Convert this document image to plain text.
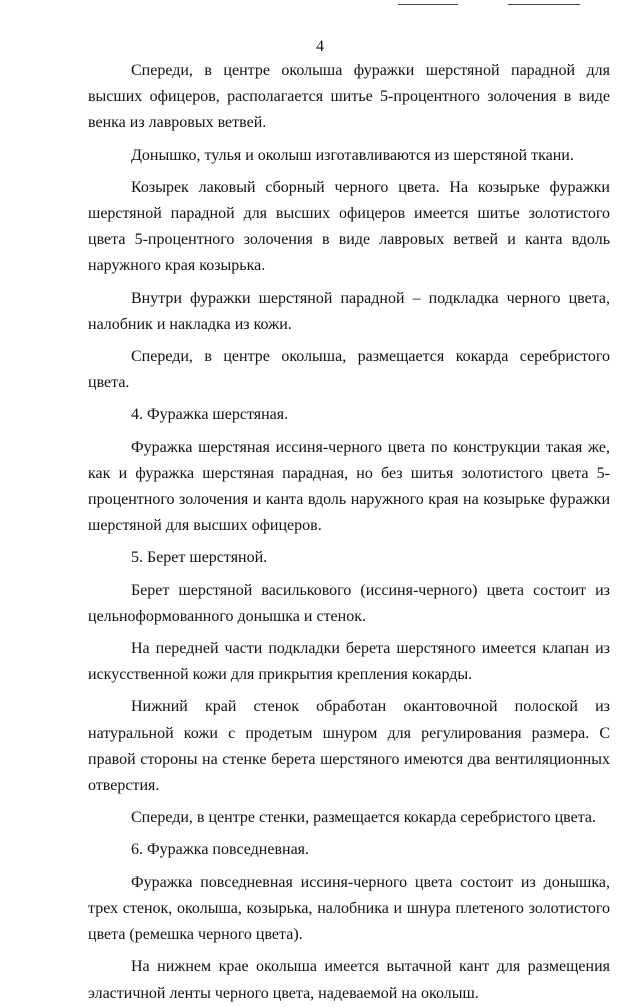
4

Спереди, в центре околыша фуражки шерстяной парадной для высших офицеров, располагается шитье 5-процентного золочения в виде венка из лавровых ветвей.

Донышко, тулья и околыш изготавливаются из шерстяной ткани.

Козырек лаковый сборный черного цвета. На козырьке фуражки шерстяной парадной для высших офицеров имеется шитье золотистого цвета 5-процентного золочения в виде лавровых ветвей и канта вдоль наружного края козырька.

Внутри фуражки шерстяной парадной – подкладка черного цвета, налобник и накладка из кожи.

Спереди, в центре околыша, размещается кокарда серебристого цвета.

4. Фуражка шерстяная.

Фуражка шерстяная иссиня-черного цвета по конструкции такая же, как и фуражка шерстяная парадная, но без шитья золотистого цвета 5-процентного золочения и канта вдоль наружного края на козырьке фуражки шерстяной для высших офицеров.

5. Берет шерстяной.

Берет шерстяной василькового (иссиня-черного) цвета состоит из цельноформованного донышка и стенок.

На передней части подкладки берета шерстяного имеется клапан из искусственной кожи для прикрытия крепления кокарды.

Нижний край стенок обработан окантовочной полоской из натуральной кожи с продетым шнуром для регулирования размера. С правой стороны на стенке берета шерстяного имеются два вентиляционных отверстия.

Спереди, в центре стенки, размещается кокарда серебристого цвета.

6. Фуражка повседневная.

Фуражка повседневная иссиня-черного цвета состоит из донышка, трех стенок, околыша, козырька, налобника и шнура плетеного золотистого цвета (ремешка черного цвета).

На нижнем крае околыша имеется вытачной кант для размещения эластичной ленты черного цвета, надеваемой на околыш.
